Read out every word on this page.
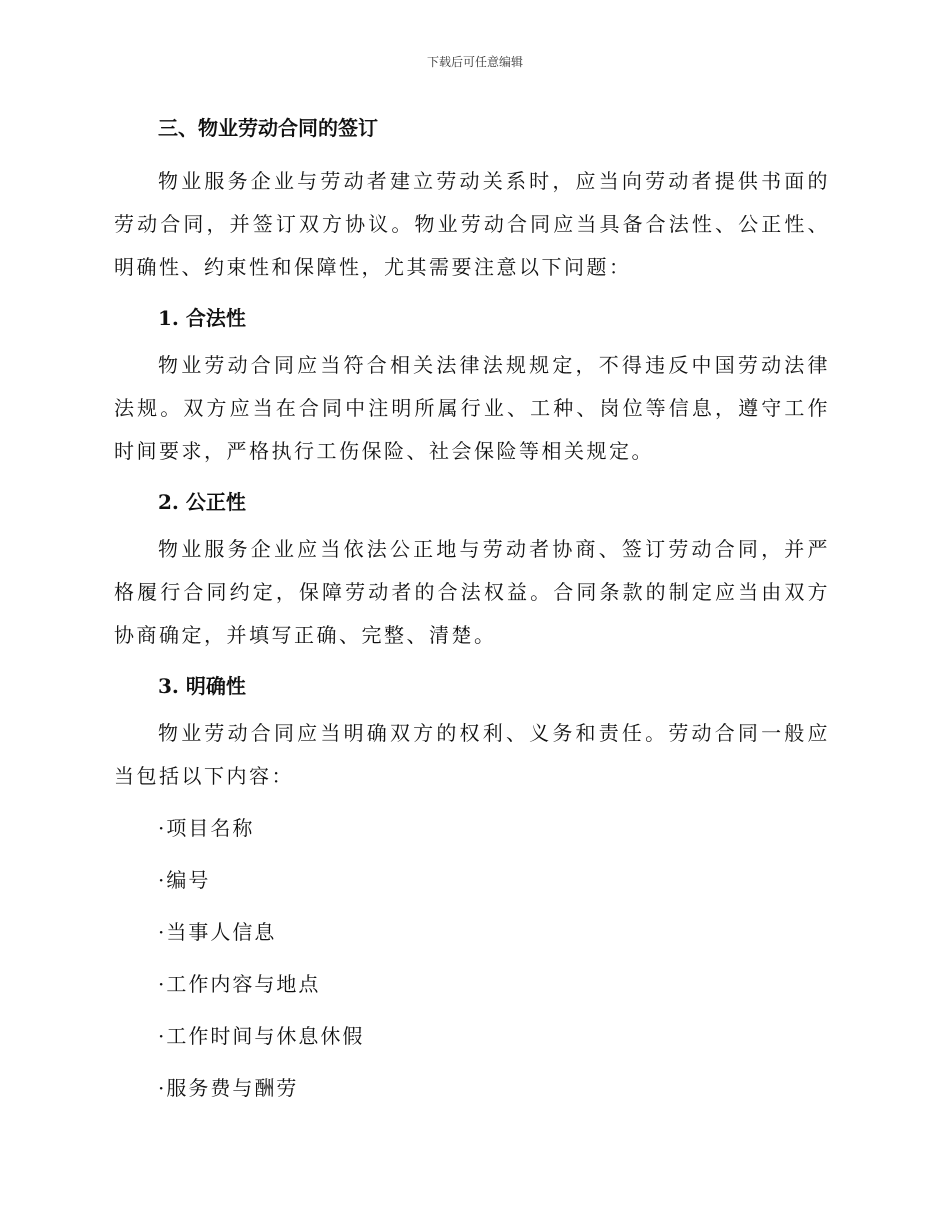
下载后可任意编辑
三、物业劳动合同的签订

物业服务企业与劳动者建立劳动关系时，应当向劳动者提供书面的劳动合同，并签订双方协议。物业劳动合同应当具备合法性、公正性、明确性、约束性和保障性，尤其需要注意以下问题：

1. 合法性

物业劳动合同应当符合相关法律法规规定，不得违反中国劳动法律法规。双方应当在合同中注明所属行业、工种、岗位等信息，遵守工作时间要求，严格执行工伤保险、社会保险等相关规定。

2. 公正性

物业服务企业应当依法公正地与劳动者协商、签订劳动合同，并严格履行合同约定，保障劳动者的合法权益。合同条款的制定应当由双方协商确定，并填写正确、完整、清楚。

3. 明确性

物业劳动合同应当明确双方的权利、义务和责任。劳动合同一般应当包括以下内容：

·项目名称
·编号
·当事人信息
·工作内容与地点
·工作时间与休息休假
·服务费与酬劳
